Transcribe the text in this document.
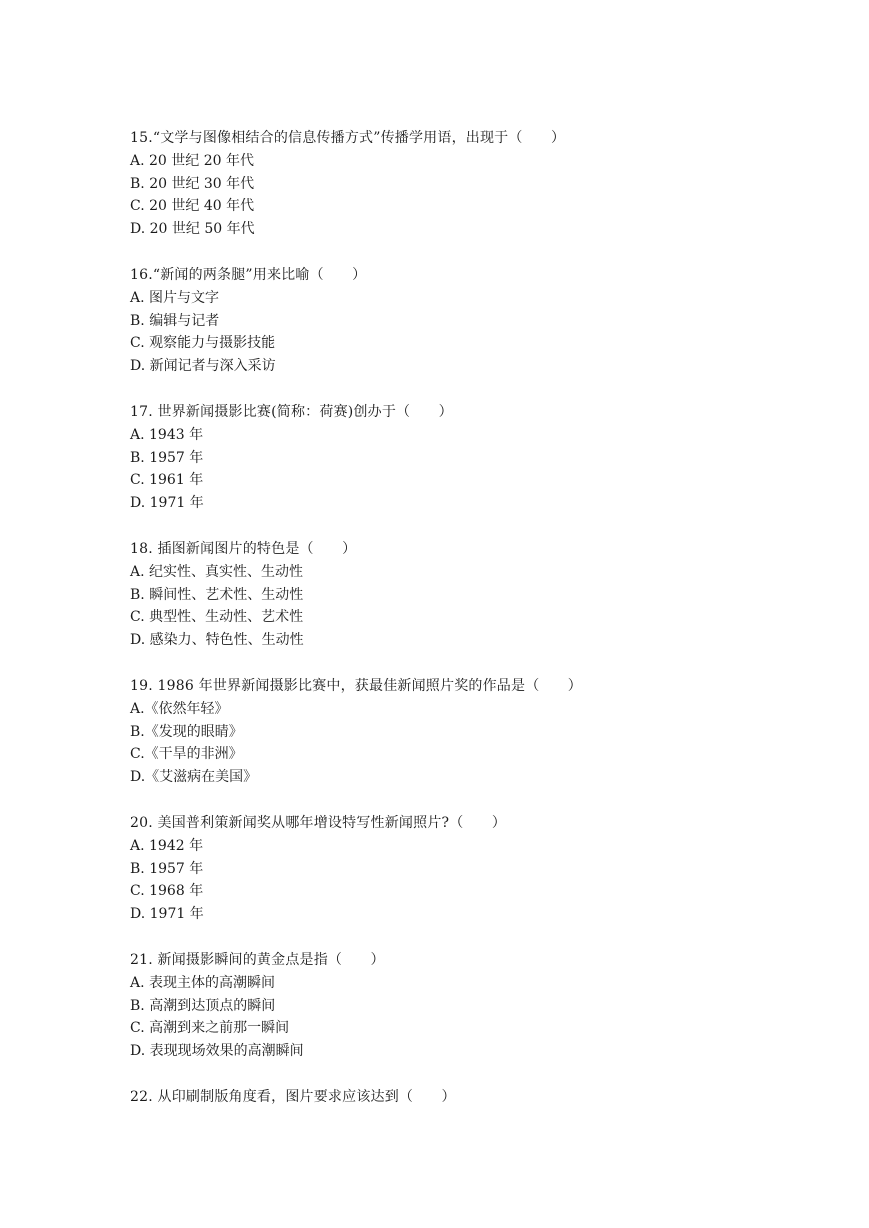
15.“文学与图像相结合的信息传播方式”传播学用语，出现于（　　）
A. 20 世纪 20 年代
B. 20 世纪 30 年代
C. 20 世纪 40 年代
D. 20 世纪 50 年代
16.“新闻的两条腿”用来比喻（　　）
A. 图片与文字
B. 编辑与记者
C. 观察能力与摄影技能
D. 新闻记者与深入采访
17. 世界新闻摄影比赛(简称：荷赛)创办于（　　）
A. 1943 年
B. 1957 年
C. 1961 年
D. 1971 年
18. 插图新闻图片的特色是（　　）
A. 纪实性、真实性、生动性
B. 瞬间性、艺术性、生动性
C. 典型性、生动性、艺术性
D. 感染力、特色性、生动性
19. 1986 年世界新闻摄影比赛中，获最佳新闻照片奖的作品是（　　）
A.《依然年轻》
B.《发现的眼睛》
C.《干旱的非洲》
D.《艾滋病在美国》
20. 美国普利策新闻奖从哪年增设特写性新闻照片?（　　）
A. 1942 年
B. 1957 年
C. 1968 年
D. 1971 年
21. 新闻摄影瞬间的黄金点是指（　　）
A. 表现主体的高潮瞬间
B. 高潮到达顶点的瞬间
C. 高潮到来之前那一瞬间
D. 表现现场效果的高潮瞬间
22. 从印刷制版角度看，图片要求应该达到（　　）
